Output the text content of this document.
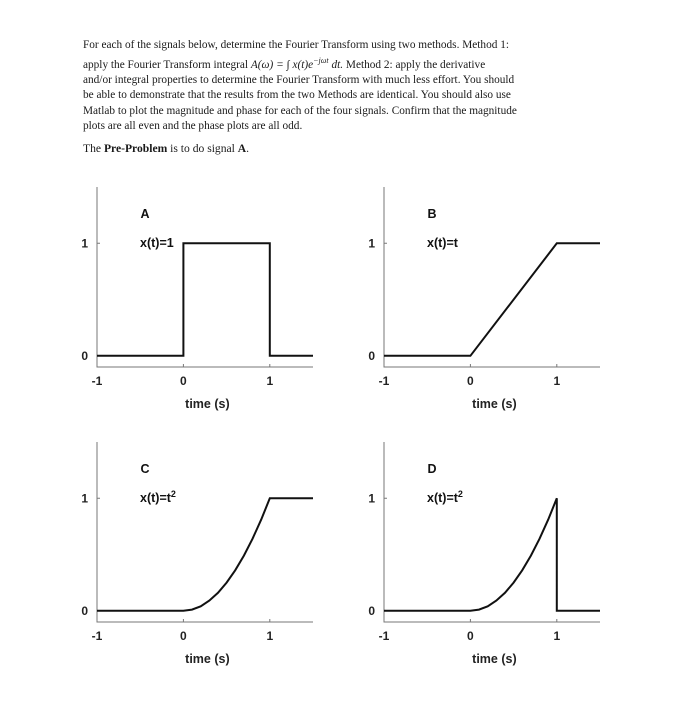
For each of the signals below, determine the Fourier Transform using two methods. Method 1:

apply the Fourier Transform integral A(ω) = ∫ $x(t)e^{-j\omega t}$ dt. Method 2: apply the derivative

and/or integral properties to determine the Fourier Transform with much less effort. You should

be able to demonstrate that the results from the two Methods are identical. You should also use

Matlab to plot the magnitude and phase for each of the four signals. Confirm that the magnitude

plots are all even and the phase plots are all odd.

The Pre-Problem is to do signal A.
-1	0	1
0
1
time (s)
A
x(t)=1
-1	0	1
0
1
time (s)
B
x(t)=t
-1	0	1
0
1
time (s)
C
$x(t)=t^2$
-1	0	1
0
1
time (s)
D
$x(t)=t^2$
